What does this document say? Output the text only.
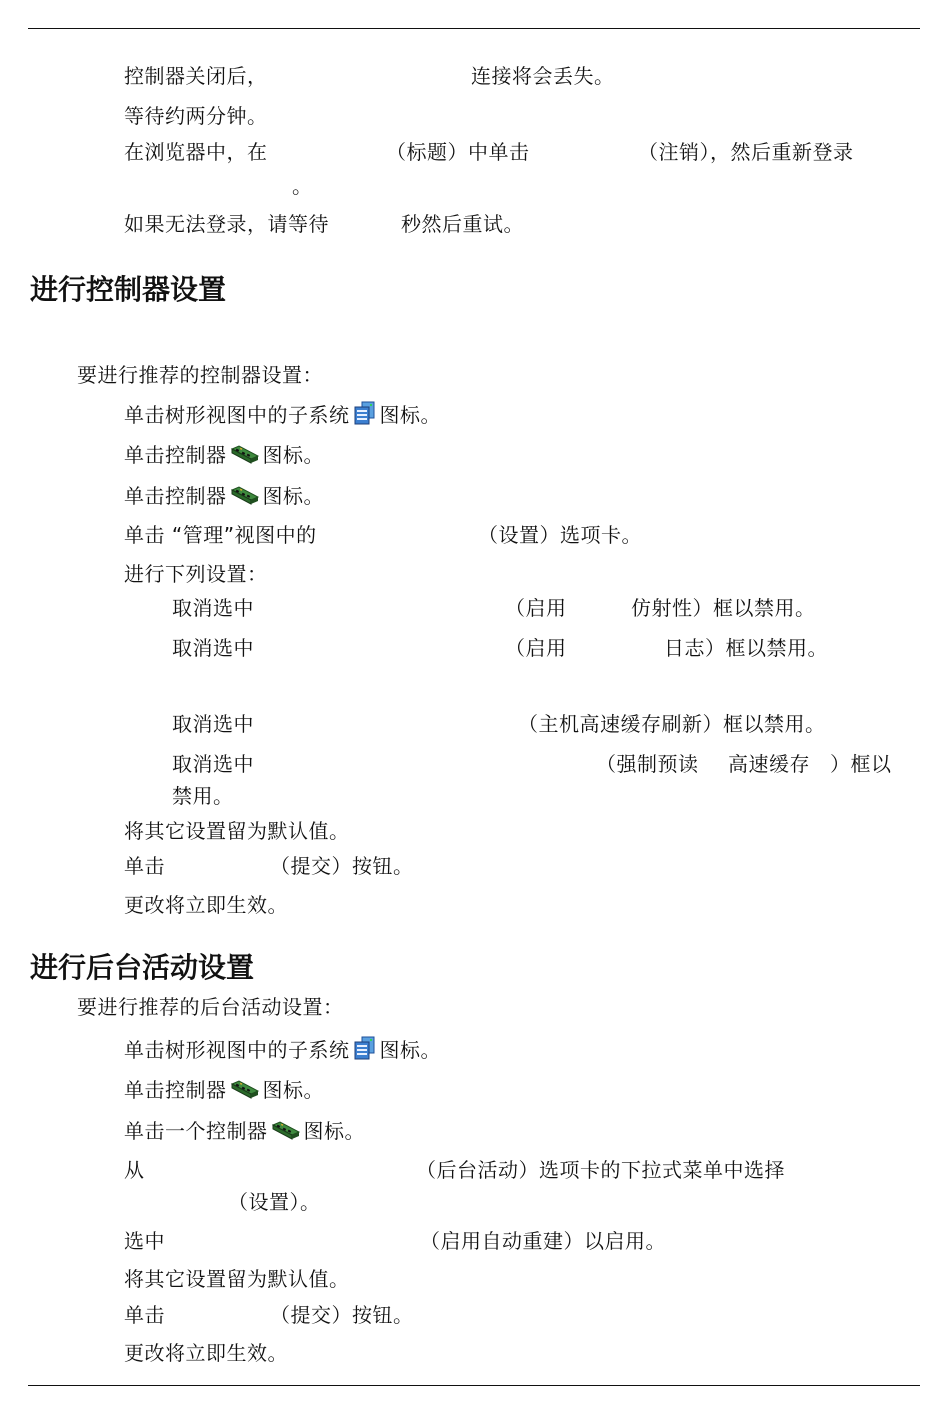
控制器关闭后，	连接将会丢失。
等待约两分钟。
在浏览器中，在	（标题）中单击	（注销），然后重新登录
。
如果无法登录，请等待	秒然后重试。
进行控制器设置
要进行推荐的控制器设置：
单击树形视图中的子系统 图标。
单击控制器 图标。
单击控制器 图标。
单击 “管理”视图中的	（设置）选项卡。
进行下列设置：
取消选中	（启用	仿射性）框以禁用。
取消选中	（启用	日志）框以禁用。
取消选中	（主机高速缓存刷新）框以禁用。
取消选中	（强制预读 高速缓存 ）框以
禁用。
将其它设置留为默认值。
单击	（提交）按钮。
更改将立即生效。
进行后台活动设置
要进行推荐的后台活动设置：
单击树形视图中的子系统 图标。
单击控制器 图标。
单击一个控制器 图标。
从	（后台活动）选项卡的下拉式菜单中选择
（设置）。
选中	（启用自动重建）以启用。
将其它设置留为默认值。
单击	（提交）按钮。
更改将立即生效。
